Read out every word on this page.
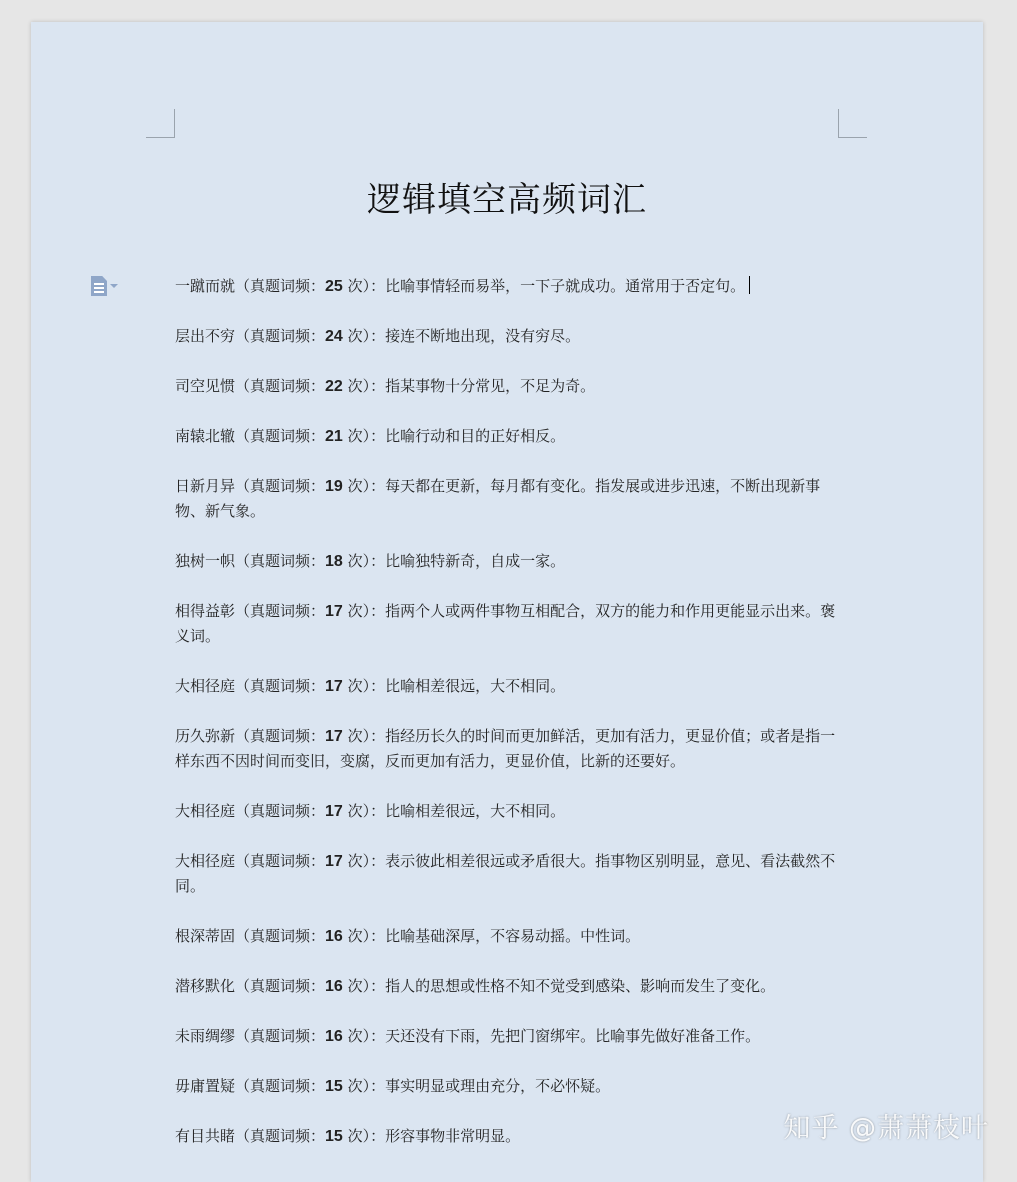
逻辑填空高频词汇
一蹴而就（真题词频：25 次）：比喻事情轻而易举，一下子就成功。通常用于否定句。
层出不穷（真题词频：24 次）：接连不断地出现，没有穷尽。
司空见惯（真题词频：22 次）：指某事物十分常见，不足为奇。
南辕北辙（真题词频：21 次）：比喻行动和目的正好相反。
日新月异（真题词频：19 次）：每天都在更新，每月都有变化。指发展或进步迅速，不断出现新事物、新气象。
独树一帜（真题词频：18 次）：比喻独特新奇，自成一家。
相得益彰（真题词频：17 次）：指两个人或两件事物互相配合，双方的能力和作用更能显示出来。褒义词。
大相径庭（真题词频：17 次）：比喻相差很远，大不相同。
历久弥新（真题词频：17 次）：指经历长久的时间而更加鲜活，更加有活力，更显价值；或者是指一样东西不因时间而变旧，变腐，反而更加有活力，更显价值，比新的还要好。
大相径庭（真题词频：17 次）：比喻相差很远，大不相同。
大相径庭（真题词频：17 次）：表示彼此相差很远或矛盾很大。指事物区别明显，意见、看法截然不同。
根深蒂固（真题词频：16 次）：比喻基础深厚，不容易动摇。中性词。
潜移默化（真题词频：16 次）：指人的思想或性格不知不觉受到感染、影响而发生了变化。
未雨绸缪（真题词频：16 次）：天还没有下雨，先把门窗绑牢。比喻事先做好准备工作。
毋庸置疑（真题词频：15 次）：事实明显或理由充分，不必怀疑。
有目共睹（真题词频：15 次）：形容事物非常明显。	知乎 @萧萧枝叶
